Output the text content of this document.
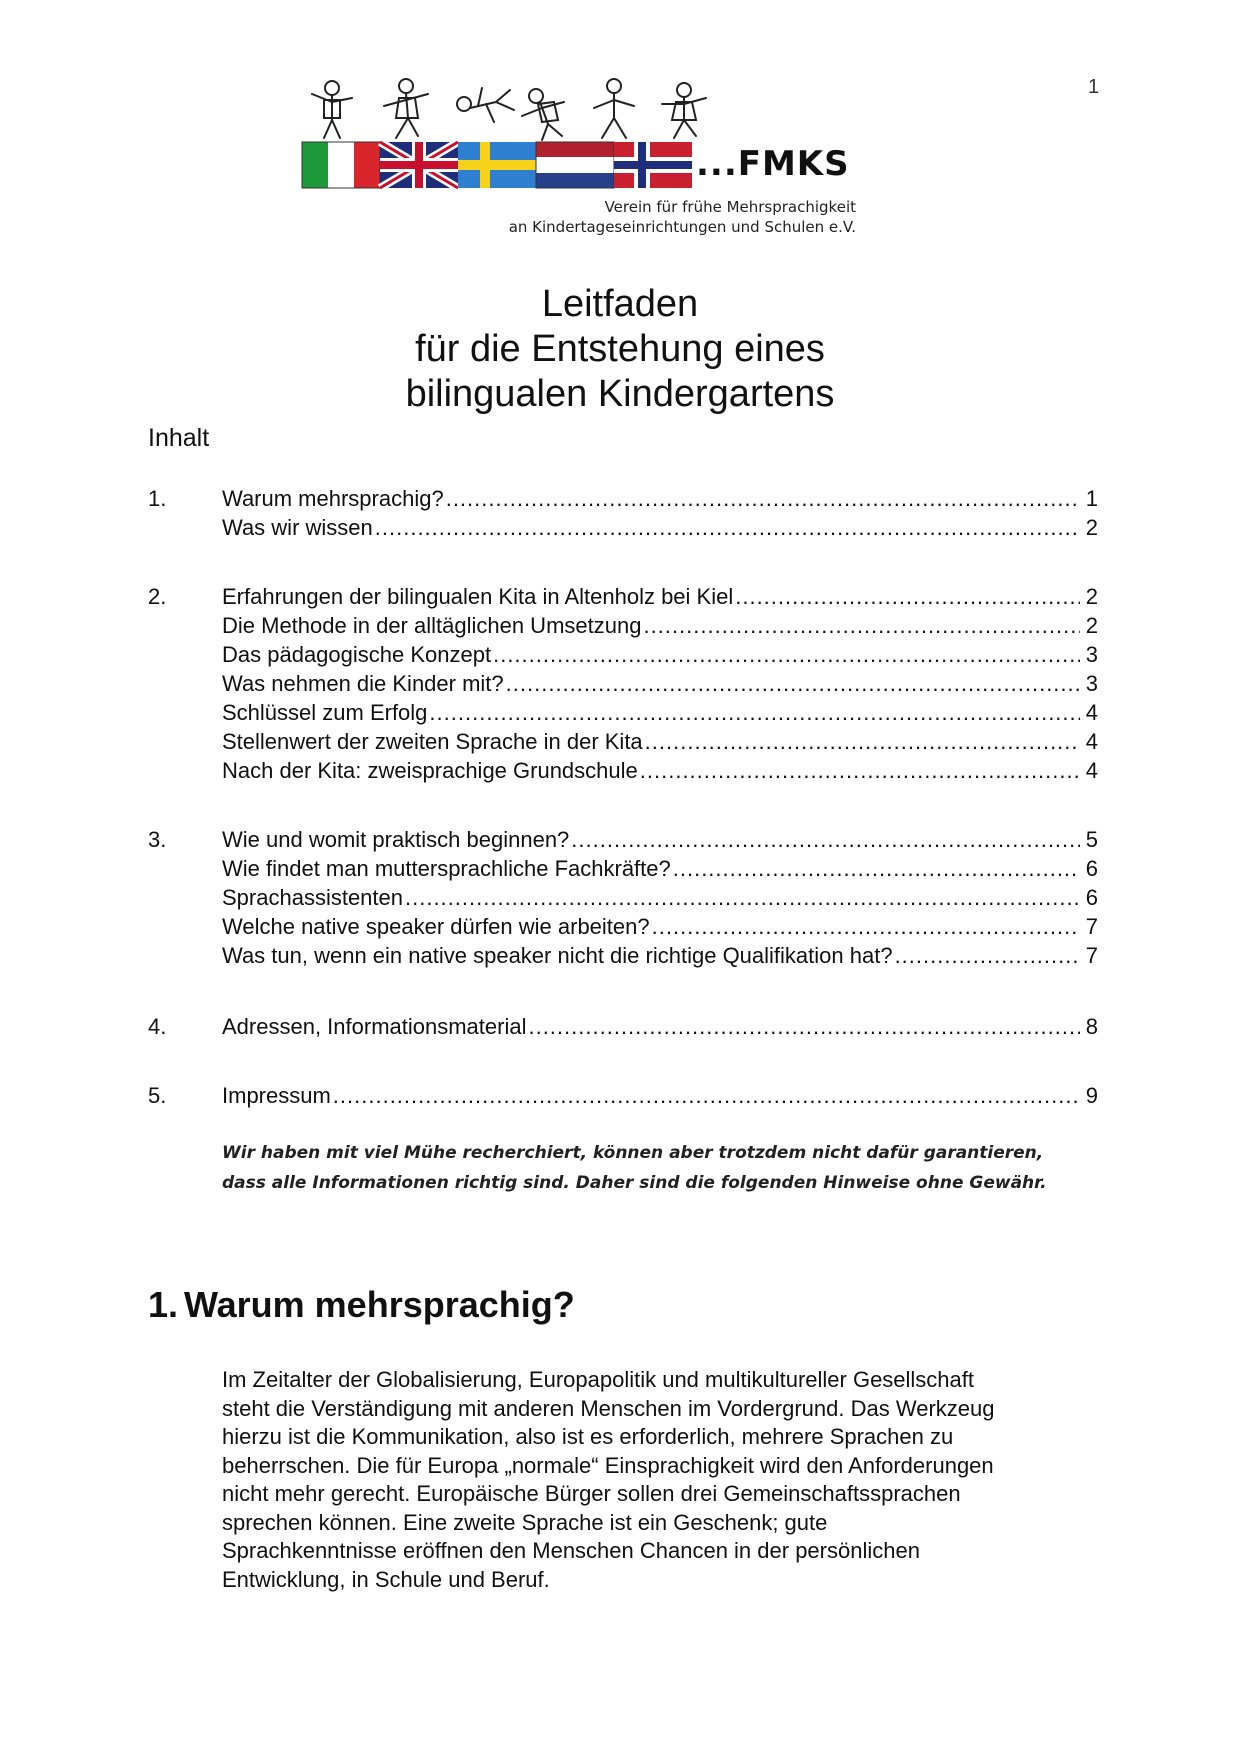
1
...FMKS
Verein für frühe Mehrsprachigkeit
an Kindertageseinrichtungen und Schulen e.V.
Leitfaden
für die Entstehung eines
bilingualen Kindergartens
Inhalt
1.	Warum mehrsprachig? .....	1
Was wir wissen .....	2
2.	Erfahrungen der bilingualen Kita in Altenholz bei Kiel .....	2
Die Methode in der alltäglichen Umsetzung .....	2
Das pädagogische Konzept .....	3
Was nehmen die Kinder mit? .....	3
Schlüssel zum Erfolg .....	4
Stellenwert der zweiten Sprache in der Kita .....	4
Nach der Kita: zweisprachige Grundschule .....	4
3.	Wie und womit praktisch beginnen? .....	5
Wie findet man muttersprachliche Fachkräfte? .....	6
Sprachassistenten .....	6
Welche native speaker dürfen wie arbeiten? .....	7
Was tun, wenn ein native speaker nicht die richtige Qualifikation hat? .....	7
4.	Adressen, Informationsmaterial .....	8
5.	Impressum .....	9
Wir haben mit viel Mühe recherchiert, können aber trotzdem nicht dafür garantieren,
dass alle Informationen richtig sind. Daher sind die folgenden Hinweise ohne Gewähr.
1. Warum mehrsprachig?
Im Zeitalter der Globalisierung, Europapolitik und multikultureller Gesellschaft
steht die Verständigung mit anderen Menschen im Vordergrund. Das Werkzeug
hierzu ist die Kommunikation, also ist es erforderlich, mehrere Sprachen zu
beherrschen. Die für Europa „normale“ Einsprachigkeit wird den Anforderungen
nicht mehr gerecht. Europäische Bürger sollen drei Gemeinschaftssprachen
sprechen können. Eine zweite Sprache ist ein Geschenk; gute
Sprachkenntnisse eröffnen den Menschen Chancen in der persönlichen
Entwicklung, in Schule und Beruf.
